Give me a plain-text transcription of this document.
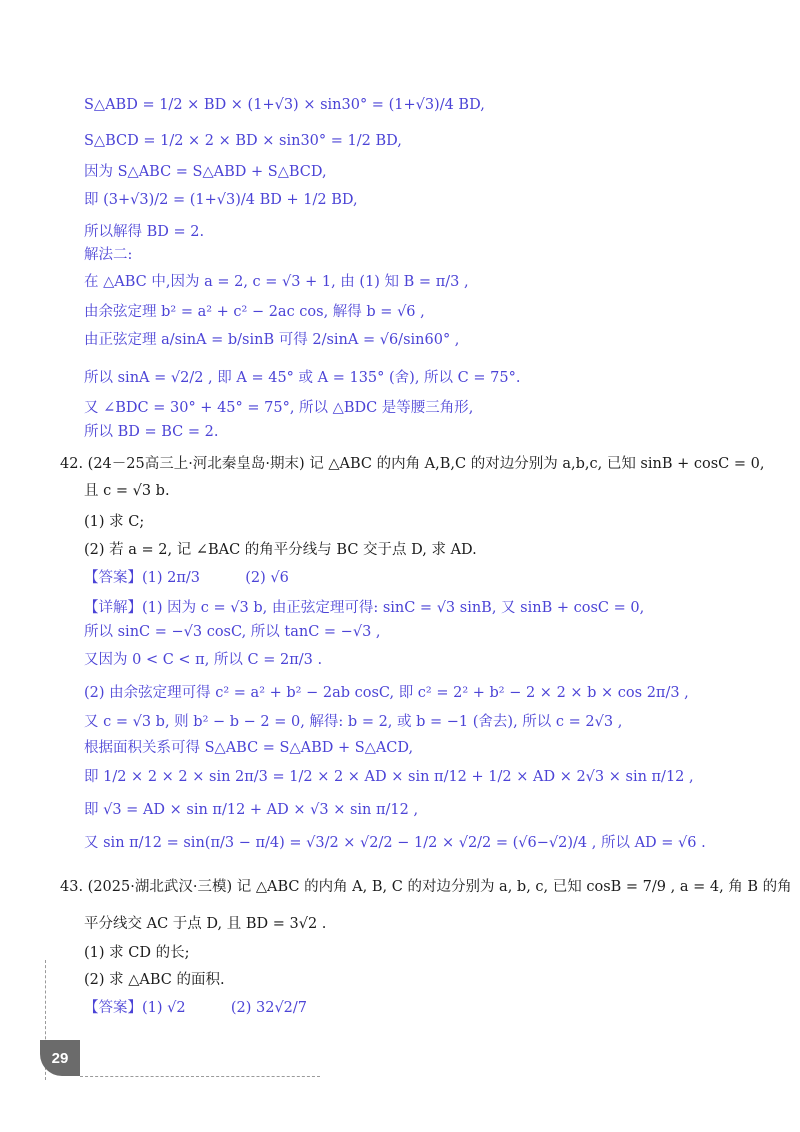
S△ABD = 1/2 × BD × (1+√3) × sin30° = (1+√3)/4 BD,
S△BCD = 1/2 × 2 × BD × sin30° = 1/2 BD,
因为 S△ABC = S△ABD + S△BCD,
即 (3+√3)/2 = (1+√3)/4 BD + 1/2 BD,
所以解得 BD = 2.
解法二:
在 △ABC 中,因为 a = 2, c = √3 + 1, 由 (1) 知 B = π/3 ,
由余弦定理 b² = a² + c² − 2ac cos, 解得 b = √6 ,
由正弦定理 a/sinA = b/sinB 可得 2/sinA = √6/sin60° ,
所以 sinA = √2/2 , 即 A = 45° 或 A = 135° (舍), 所以 C = 75°.
又 ∠BDC = 30° + 45° = 75°, 所以 △BDC 是等腰三角形,
所以 BD = BC = 2.
42. (24－25高三上·河北秦皇岛·期末) 记 △ABC 的内角 A,B,C 的对边分别为 a,b,c, 已知 sinB + cosC = 0,
且 c = √3 b.
(1) 求 C;
(2) 若 a = 2, 记 ∠BAC 的角平分线与 BC 交于点 D, 求 AD.
【答案】(1) 2π/3	(2) √6
【详解】(1) 因为 c = √3 b, 由正弦定理可得: sinC = √3 sinB, 又 sinB + cosC = 0,
所以 sinC = −√3 cosC, 所以 tanC = −√3 ,
又因为 0 < C < π, 所以 C = 2π/3 .
(2) 由余弦定理可得 c² = a² + b² − 2ab cosC, 即 c² = 2² + b² − 2 × 2 × b × cos 2π/3 ,
又 c = √3 b, 则 b² − b − 2 = 0, 解得: b = 2, 或 b = −1 (舍去), 所以 c = 2√3 ,
根据面积关系可得 S△ABC = S△ABD + S△ACD,
即 1/2 × 2 × 2 × sin 2π/3 = 1/2 × 2 × AD × sin π/12 + 1/2 × AD × 2√3 × sin π/12 ,
即 √3 = AD × sin π/12 + AD × √3 × sin π/12 ,
又 sin π/12 = sin(π/3 − π/4) = √3/2 × √2/2 − 1/2 × √2/2 = (√6−√2)/4 , 所以 AD = √6 .
43. (2025·湖北武汉·三模) 记 △ABC 的内角 A, B, C 的对边分别为 a, b, c, 已知 cosB = 7/9 , a = 4, 角 B 的角
平分线交 AC 于点 D, 且 BD = 3√2 .
(1) 求 CD 的长;
(2) 求 △ABC 的面积.
【答案】(1) √2	(2) 32√2/7
29
